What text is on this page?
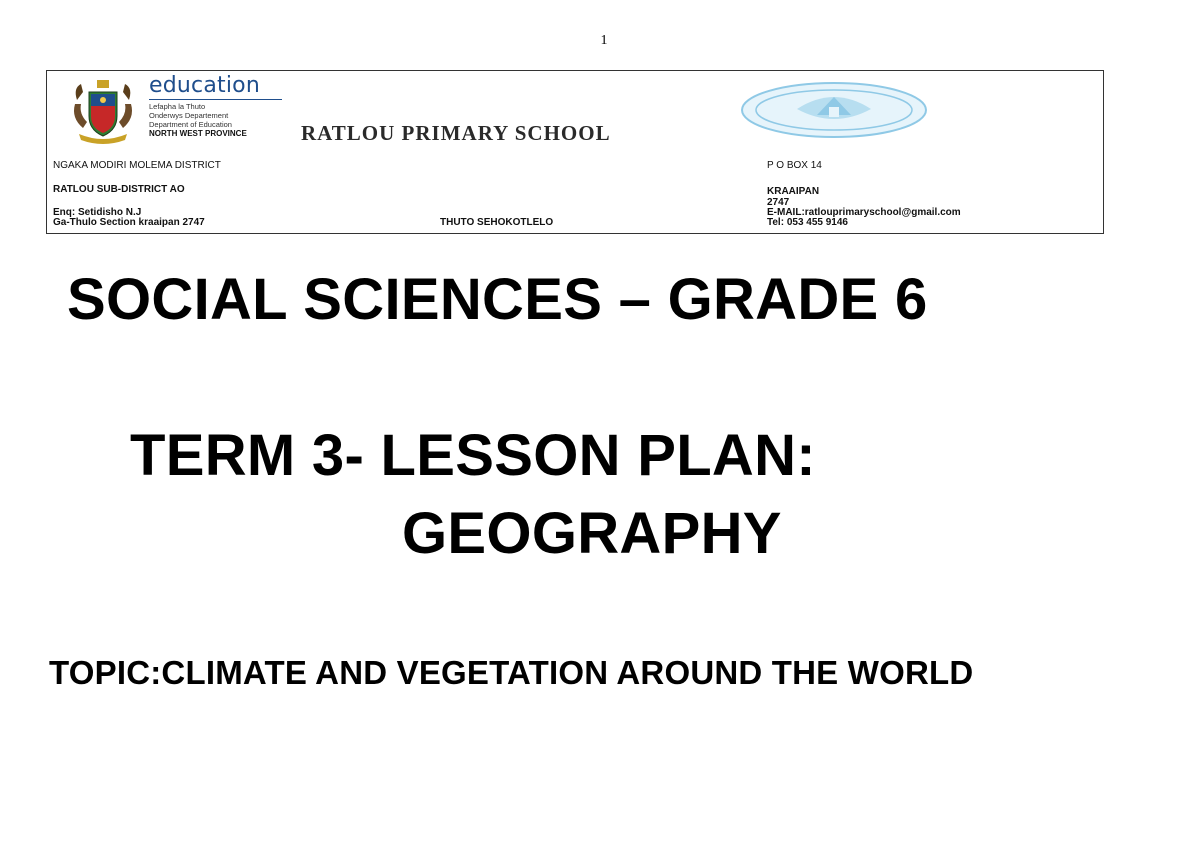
1
education
Lefapha la Thuto
Onderwys Departement
Department of Education
NORTH WEST PROVINCE	RATLOU PRIMARY SCHOOL
NGAKA MODIRI MOLEMA DISTRICT
RATLOU SUB-DISTRICT AO
Enq: Setidisho N.J
Ga-Thulo Section kraaipan 2747	THUTO SEHOKOTLELO
P O BOX 14
KRAAIPAN
2747
E-MAIL:ratlouprimaryschool@gmail.com
Tel: 053 455 9146
SOCIAL SCIENCES – GRADE 6
TERM 3- LESSON PLAN:
GEOGRAPHY
TOPIC:CLIMATE AND VEGETATION AROUND THE WORLD
